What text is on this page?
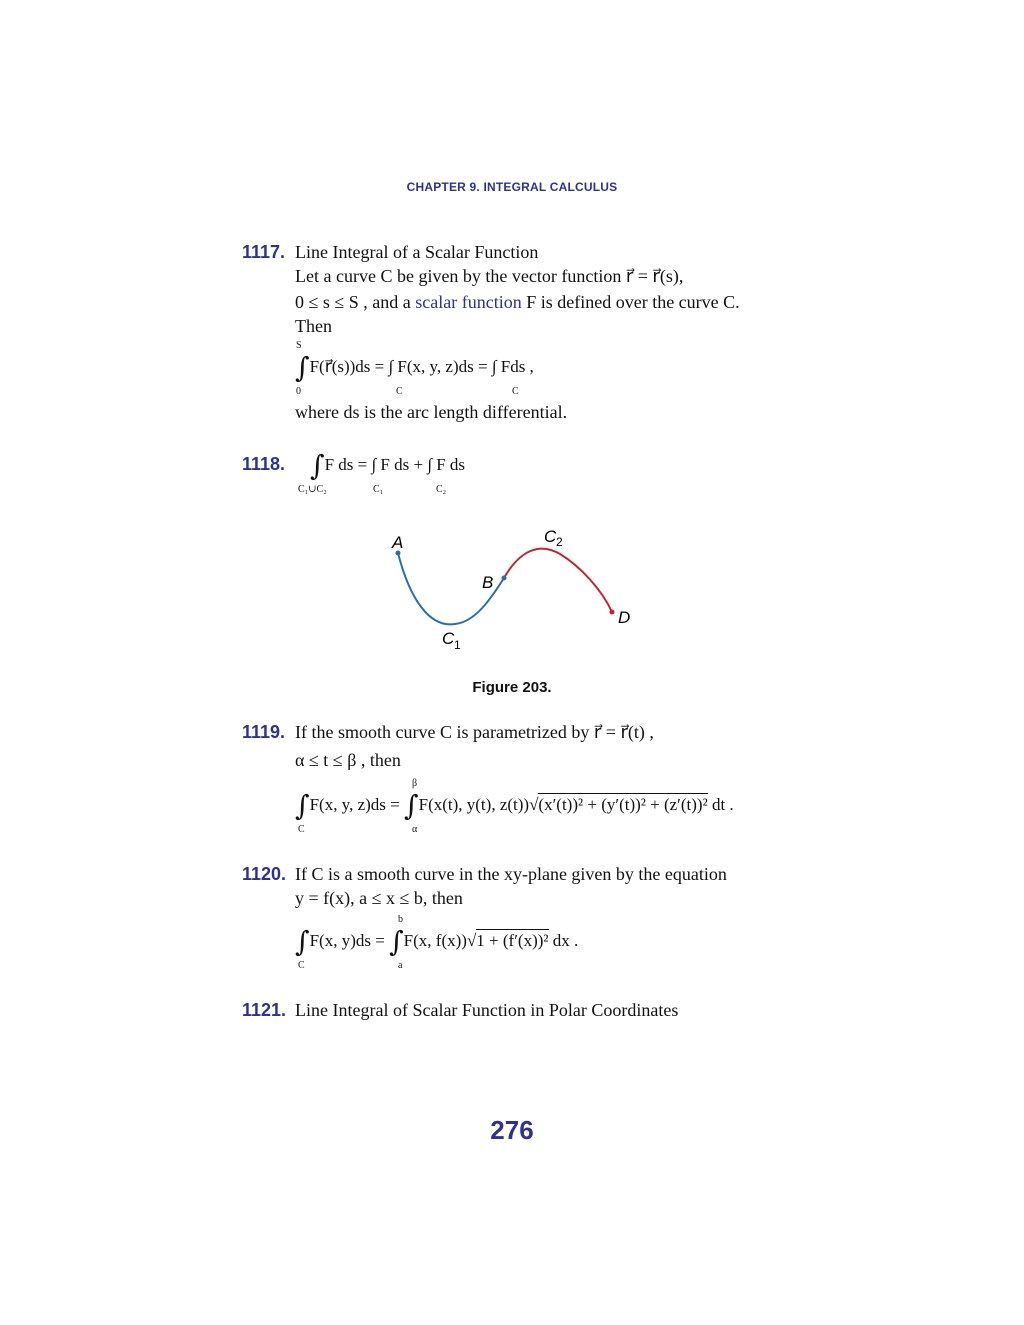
CHAPTER 9. INTEGRAL CALCULUS
1117. Line Integral of a Scalar Function
Let a curve C be given by the vector function r⃗ = r⃗(s),
0 ≤ s ≤ S , and a scalar function F is defined over the curve C.
Then
∫F(r⃗(s))ds = ∫ F(x, y, z)ds = ∫ Fds ,
S
0	C	C
where ds is the arc length differential.
1118. ∫F ds = ∫ F ds + ∫ F ds
C₁∪C₂	C₁	C₂
A
B
C 1
C 2
D
Figure 203.
1119. If the smooth curve C is parametrized by r⃗ = r⃗(t) ,
α ≤ t ≤ β , then
∫F(x, y, z)ds = ∫F(x(t), y(t), z(t))√(x′(t))² + (y′(t))² + (z′(t))² dt .
C
β
α
1120. If C is a smooth curve in the xy-plane given by the equation
y = f(x), a ≤ x ≤ b, then
∫F(x, y)ds = ∫F(x, f(x))√1 + (f′(x))² dx .
C
b
a
1121. Line Integral of Scalar Function in Polar Coordinates
276
